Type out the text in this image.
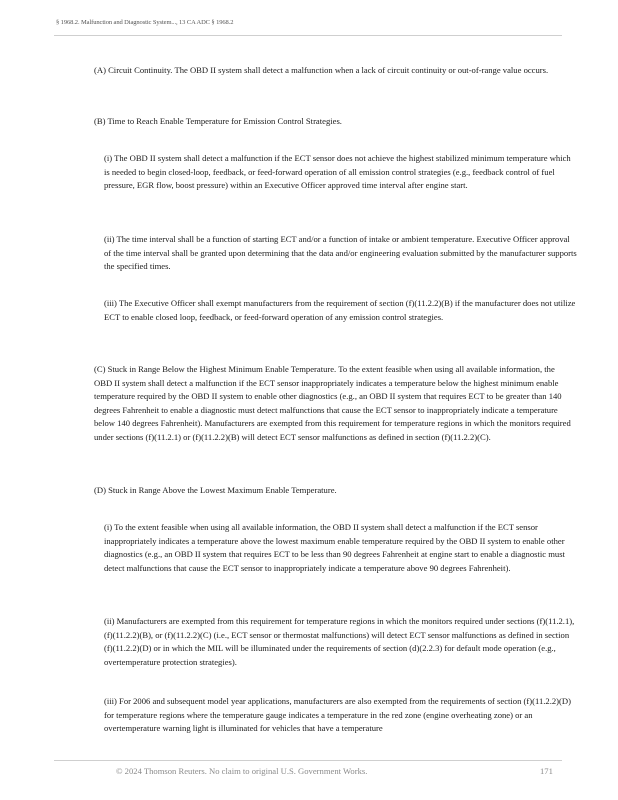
§ 1968.2. Malfunction and Diagnostic System..., 13 CA ADC § 1968.2
(A) Circuit Continuity. The OBD II system shall detect a malfunction when a lack of circuit continuity or out-of-range value occurs.
(B) Time to Reach Enable Temperature for Emission Control Strategies.
(i) The OBD II system shall detect a malfunction if the ECT sensor does not achieve the highest stabilized minimum temperature which is needed to begin closed-loop, feedback, or feed-forward operation of all emission control strategies (e.g., feedback control of fuel pressure, EGR flow, boost pressure) within an Executive Officer approved time interval after engine start.
(ii) The time interval shall be a function of starting ECT and/or a function of intake or ambient temperature. Executive Officer approval of the time interval shall be granted upon determining that the data and/or engineering evaluation submitted by the manufacturer supports the specified times.
(iii) The Executive Officer shall exempt manufacturers from the requirement of section (f)(11.2.2)(B) if the manufacturer does not utilize ECT to enable closed loop, feedback, or feed-forward operation of any emission control strategies.
(C) Stuck in Range Below the Highest Minimum Enable Temperature. To the extent feasible when using all available information, the OBD II system shall detect a malfunction if the ECT sensor inappropriately indicates a temperature below the highest minimum enable temperature required by the OBD II system to enable other diagnostics (e.g., an OBD II system that requires ECT to be greater than 140 degrees Fahrenheit to enable a diagnostic must detect malfunctions that cause the ECT sensor to inappropriately indicate a temperature below 140 degrees Fahrenheit). Manufacturers are exempted from this requirement for temperature regions in which the monitors required under sections (f)(11.2.1) or (f)(11.2.2)(B) will detect ECT sensor malfunctions as defined in section (f)(11.2.2)(C).
(D) Stuck in Range Above the Lowest Maximum Enable Temperature.
(i) To the extent feasible when using all available information, the OBD II system shall detect a malfunction if the ECT sensor inappropriately indicates a temperature above the lowest maximum enable temperature required by the OBD II system to enable other diagnostics (e.g., an OBD II system that requires ECT to be less than 90 degrees Fahrenheit at engine start to enable a diagnostic must detect malfunctions that cause the ECT sensor to inappropriately indicate a temperature above 90 degrees Fahrenheit).
(ii) Manufacturers are exempted from this requirement for temperature regions in which the monitors required under sections (f)(11.2.1), (f)(11.2.2)(B), or (f)(11.2.2)(C) (i.e., ECT sensor or thermostat malfunctions) will detect ECT sensor malfunctions as defined in section (f)(11.2.2)(D) or in which the MIL will be illuminated under the requirements of section (d)(2.2.3) for default mode operation (e.g., overtemperature protection strategies).
(iii) For 2006 and subsequent model year applications, manufacturers are also exempted from the requirements of section (f)(11.2.2)(D) for temperature regions where the temperature gauge indicates a temperature in the red zone (engine overheating zone) or an overtemperature warning light is illuminated for vehicles that have a temperature
© 2024 Thomson Reuters. No claim to original U.S. Government Works.	171
